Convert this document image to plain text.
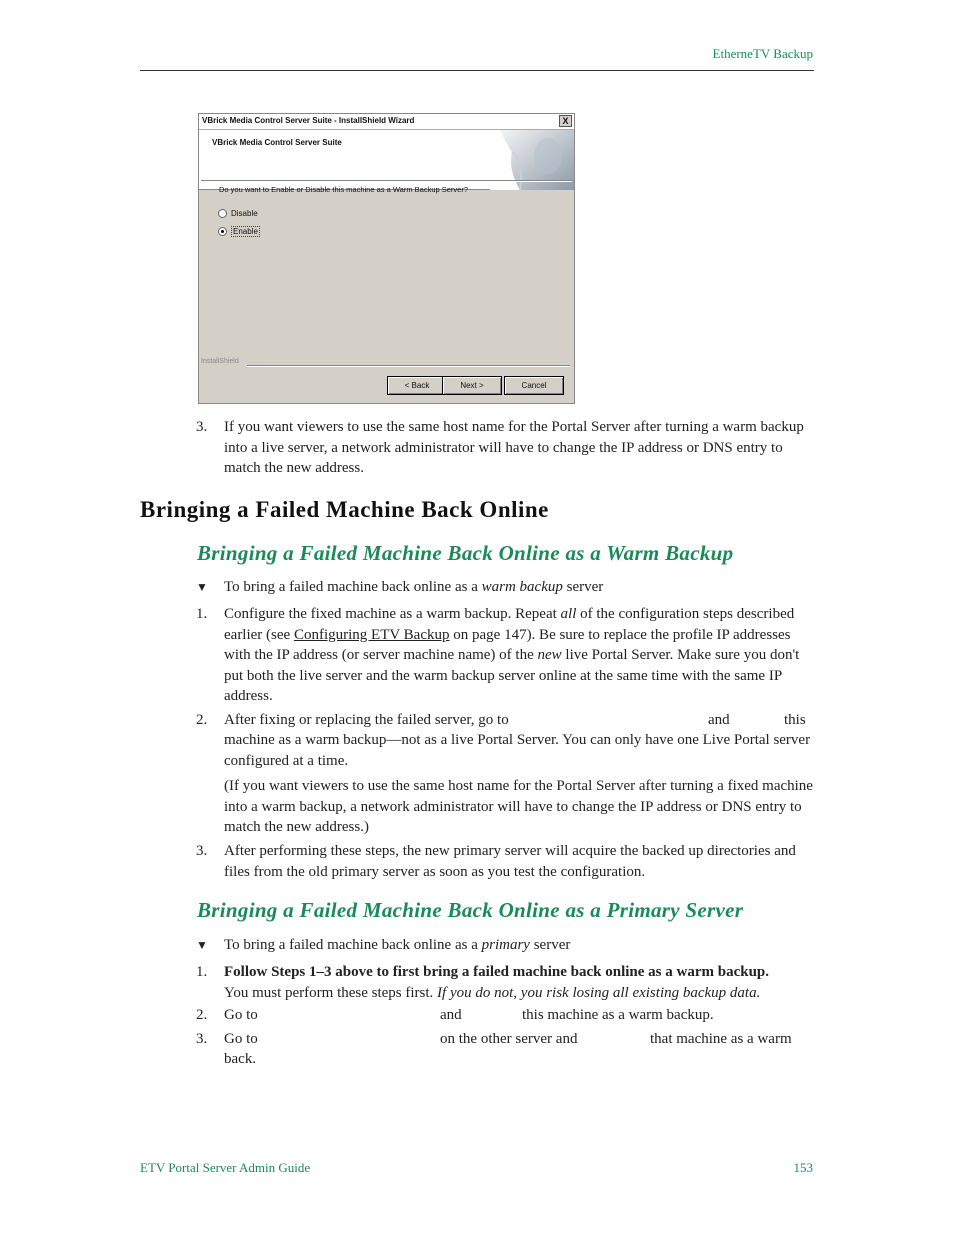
EtherneTV Backup
VBrick Media Control Server Suite - InstallShield Wizard	X
VBrick Media Control Server Suite
Do you want to Enable or Disable this machine as a Warm Backup Server?
Disable
Enable
InstallShield
< Back	Next >	Cancel
3. If you want viewers to use the same host name for the Portal Server after turning a warm backup into a live server, a network administrator will have to change the IP address or DNS entry to match the new address.
Bringing a Failed Machine Back Online
Bringing a Failed Machine Back Online as a Warm Backup
▼ To bring a failed machine back online as a warm backup server
1. Configure the fixed machine as a warm backup. Repeat all of the configuration steps described earlier (see Configuring ETV Backup on page 147). Be sure to replace the profile IP addresses with the IP address (or server machine name) of the new live Portal Server. Make sure you don't put both the live server and the warm backup server online at the same time with the same IP address.
2. After fixing or replacing the failed server, go to	and	this
machine as a warm backup—not as a live Portal Server. You can only have one Live Portal server configured at a time.
(If you want viewers to use the same host name for the Portal Server after turning a fixed machine into a warm backup, a network administrator will have to change the IP address or DNS entry to match the new address.)
3. After performing these steps, the new primary server will acquire the backed up directories and files from the old primary server as soon as you test the configuration.
Bringing a Failed Machine Back Online as a Primary Server
▼ To bring a failed machine back online as a primary server
1. Follow Steps 1–3 above to first bring a failed machine back online as a warm backup.
You must perform these steps first. If you do not, you risk losing all existing backup data.
2. Go to	and	this machine as a warm backup.
3. Go to	on the other server and	that machine as a warm
back.
ETV Portal Server Admin Guide	153
